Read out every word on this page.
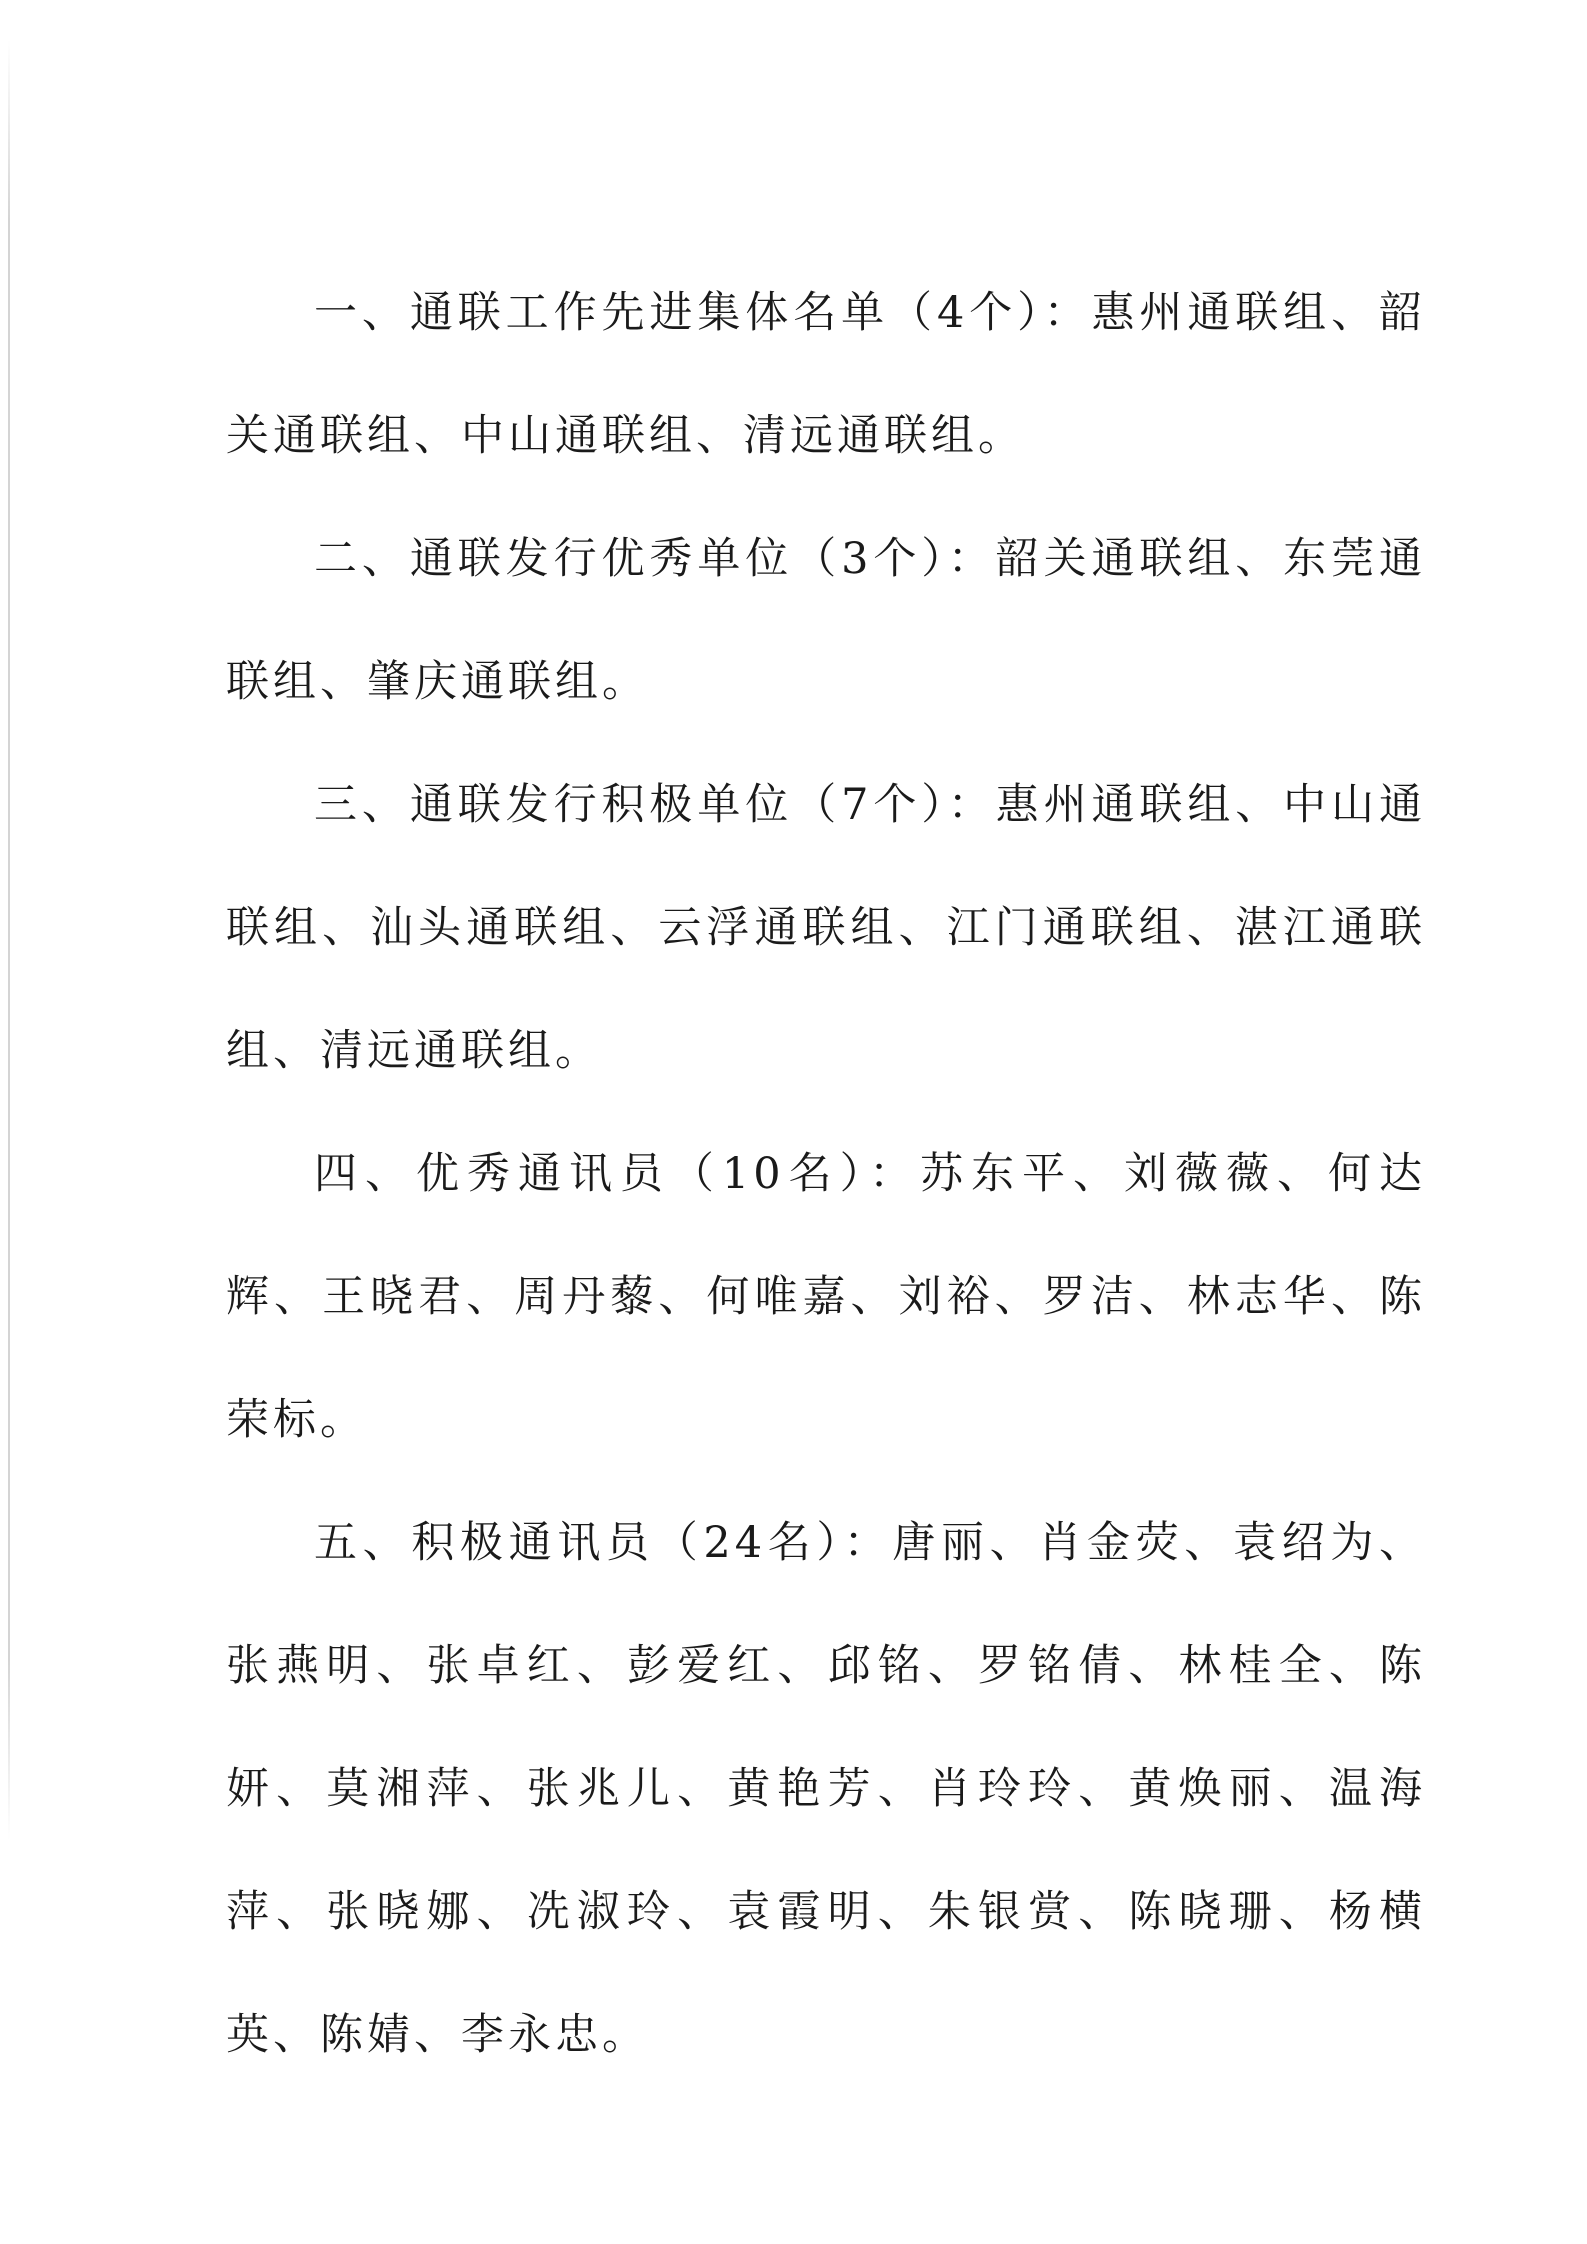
一、通联工作先进集体名单（4个）：惠州通联组、韶关通联组、中山通联组、清远通联组。

二、通联发行优秀单位（3个）：韶关通联组、东莞通联组、肇庆通联组。

三、通联发行积极单位（7个）：惠州通联组、中山通联组、汕头通联组、云浮通联组、江门通联组、湛江通联组、清远通联组。

四、优秀通讯员（10名）：苏东平、刘薇薇、何达辉、王晓君、周丹藜、何唯嘉、刘裕、罗洁、林志华、陈荣标。

五、积极通讯员（24名）：唐丽、肖金荧、袁绍为、张燕明、张卓红、彭爱红、邱铭、罗铭倩、林桂全、陈妍、莫湘萍、张兆儿、黄艳芳、肖玲玲、黄焕丽、温海萍、张晓娜、冼淑玲、袁霞明、朱银赏、陈晓珊、杨横英、陈婧、李永忠。
